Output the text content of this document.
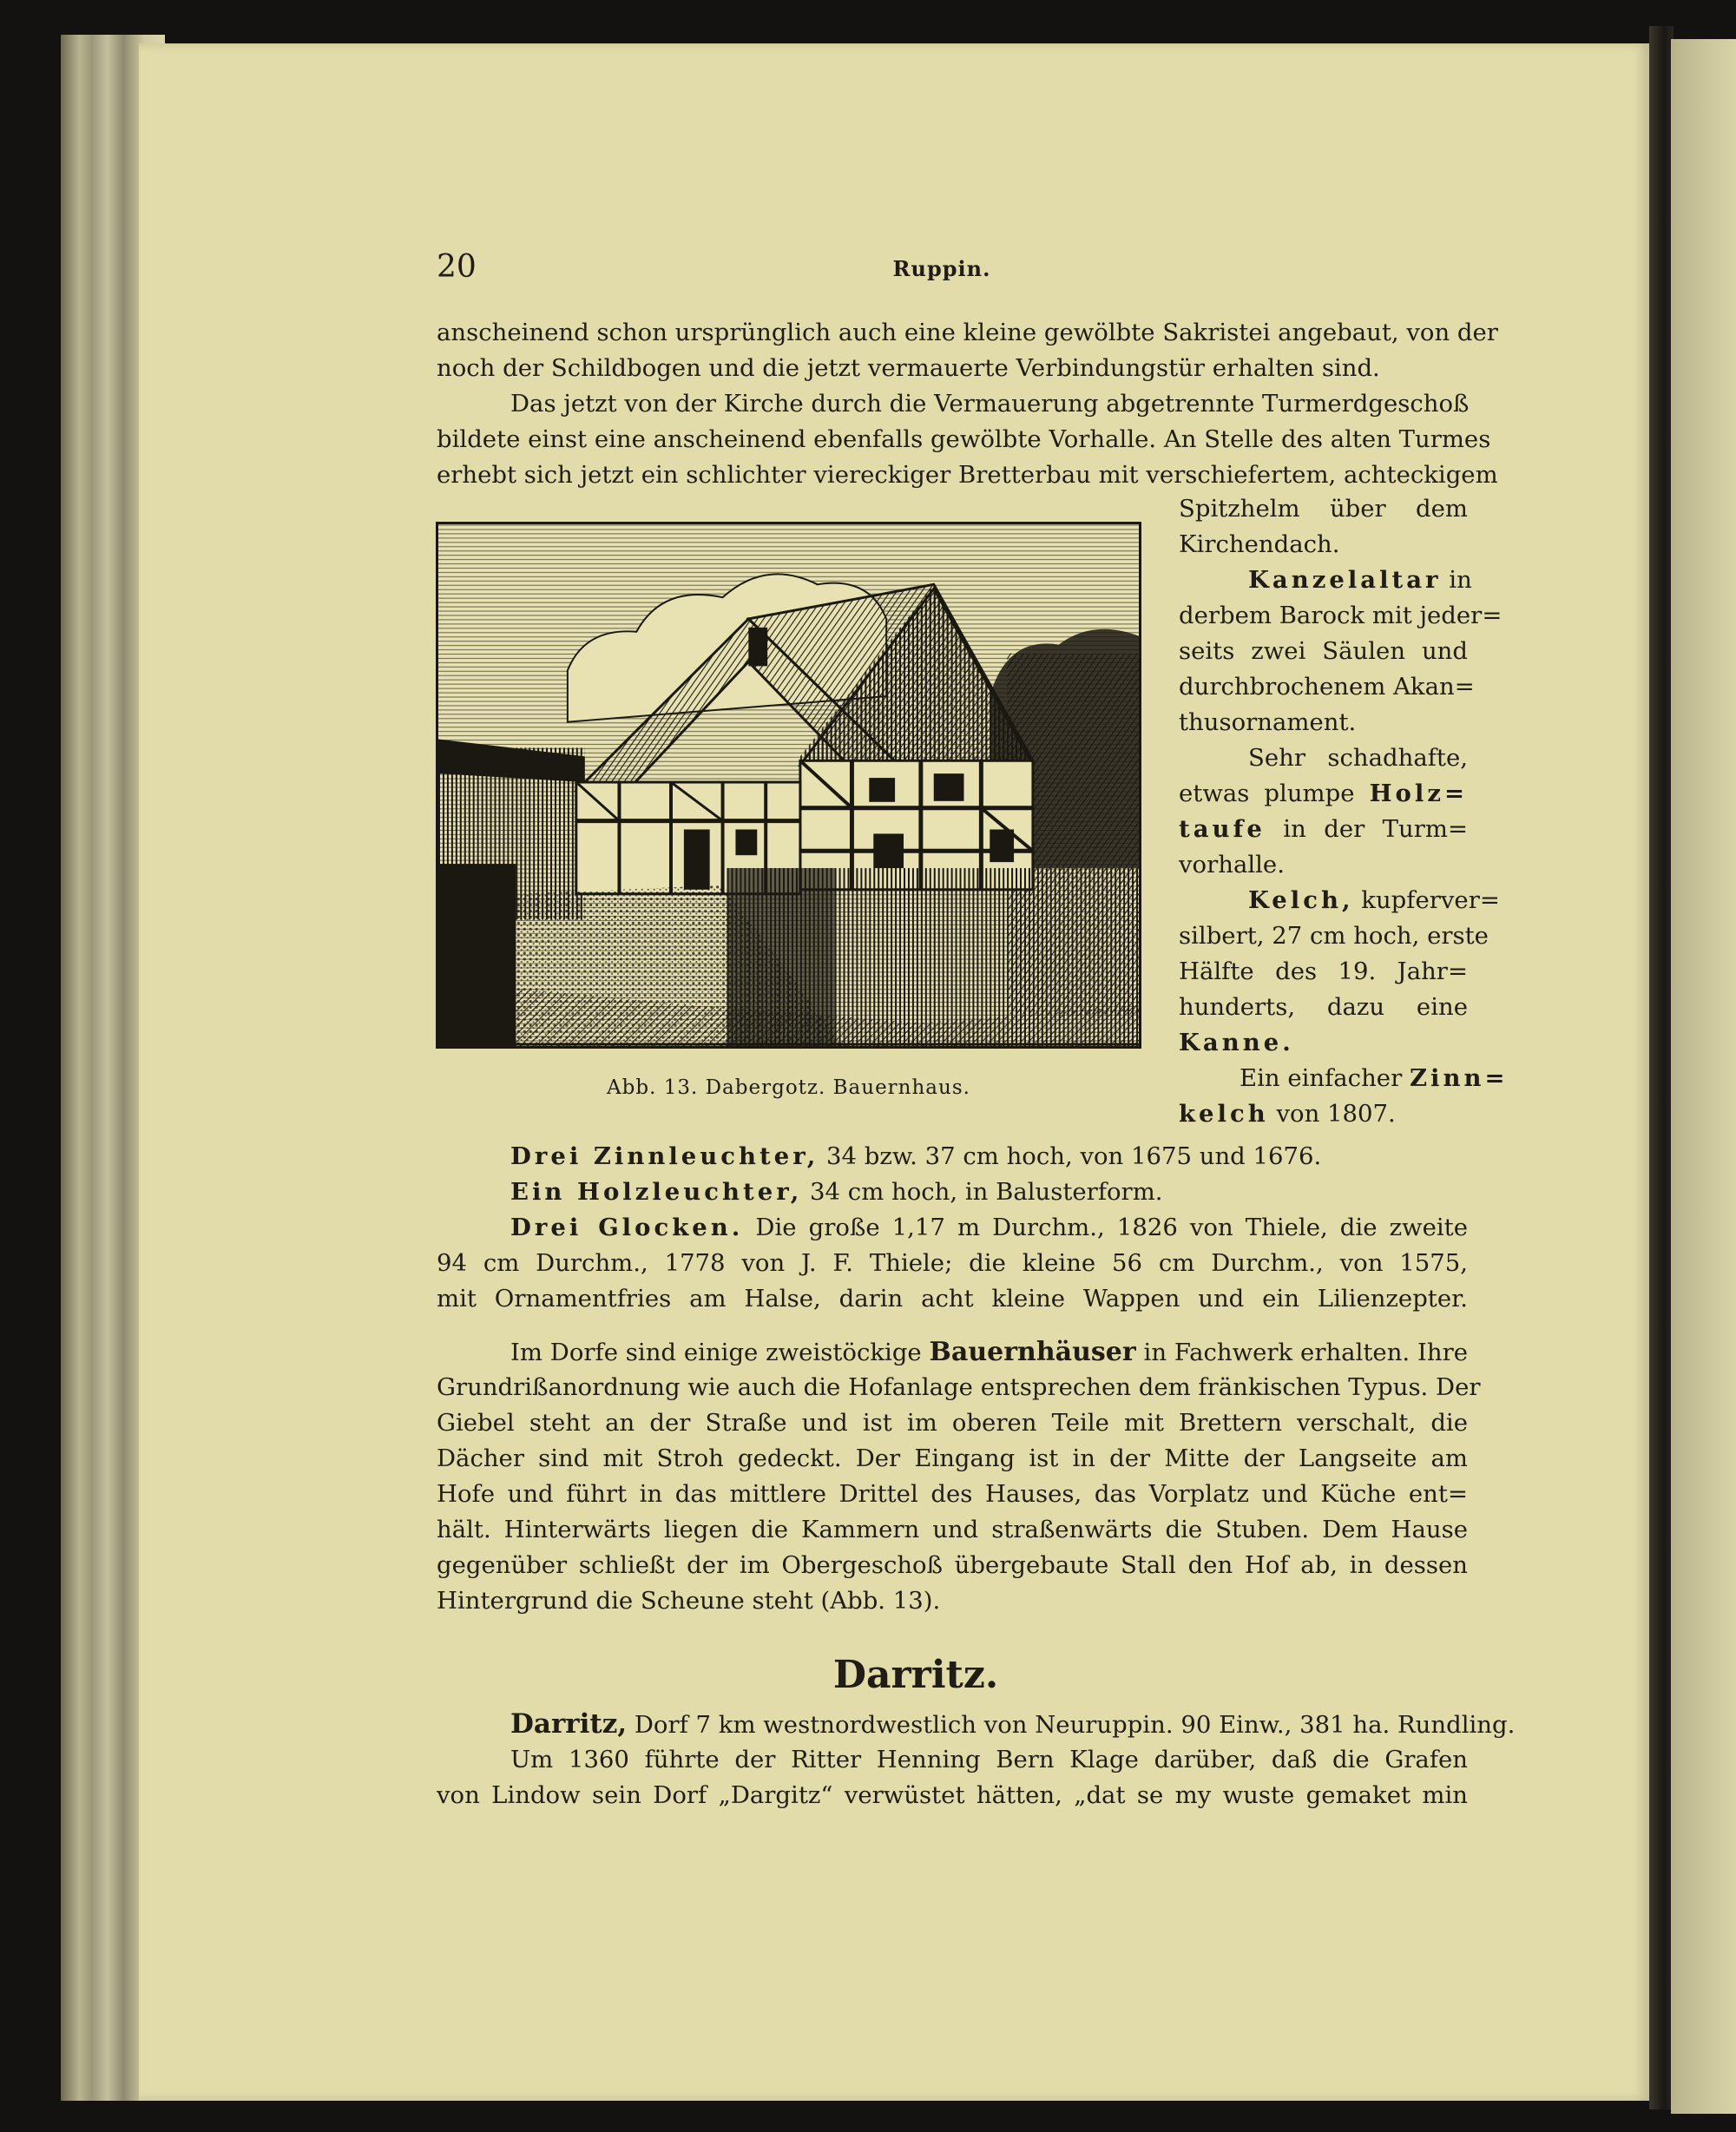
20	Ruppin.
anscheinend schon ursprünglich auch eine kleine gewölbte Sakristei angebaut, von der
noch der Schildbogen und die jetzt vermauerte Verbindungstür erhalten sind.
Das jetzt von der Kirche durch die Vermauerung abgetrennte Turmerdgeschoß
bildete einst eine anscheinend ebenfalls gewölbte Vorhalle. An Stelle des alten Turmes
erhebt sich jetzt ein schlichter viereckiger Bretterbau mit verschiefertem, achteckigem
Abb. 13. Dabergotz. Bauernhaus.
Spitzhelm über dem
Kirchendach.
Kanzelaltar in
derbem Barock mit jeder=
seits zwei Säulen und
durchbrochenem Akan=
thusornament.
Sehr schadhafte,
etwas plumpe Holz=
taufe in der Turm=
vorhalle.
Kelch, kupferver=
silbert, 27 cm hoch, erste
Hälfte des 19. Jahr=
hunderts, dazu eine
Kanne.
Ein einfacher Zinn=
kelch von 1807.
Drei Zinnleuchter, 34 bzw. 37 cm hoch, von 1675 und 1676.
Ein Holzleuchter, 34 cm hoch, in Balusterform.
Drei Glocken. Die große 1,17 m Durchm., 1826 von Thiele, die zweite
94 cm Durchm., 1778 von J. F. Thiele; die kleine 56 cm Durchm., von 1575,
mit Ornamentfries am Halse, darin acht kleine Wappen und ein Lilienzepter.
Im Dorfe sind einige zweistöckige Bauernhäuser in Fachwerk erhalten. Ihre
Grundrißanordnung wie auch die Hofanlage entsprechen dem fränkischen Typus. Der
Giebel steht an der Straße und ist im oberen Teile mit Brettern verschalt, die
Dächer sind mit Stroh gedeckt. Der Eingang ist in der Mitte der Langseite am
Hofe und führt in das mittlere Drittel des Hauses, das Vorplatz und Küche ent=
hält. Hinterwärts liegen die Kammern und straßenwärts die Stuben. Dem Hause
gegenüber schließt der im Obergeschoß übergebaute Stall den Hof ab, in dessen
Hintergrund die Scheune steht (Abb. 13).
Darritz.
Darritz, Dorf 7 km westnordwestlich von Neuruppin. 90 Einw., 381 ha. Rundling.
Um 1360 führte der Ritter Henning Bern Klage darüber, daß die Grafen
von Lindow sein Dorf „Dargitz“ verwüstet hätten, „dat se my wuste gemaket min
